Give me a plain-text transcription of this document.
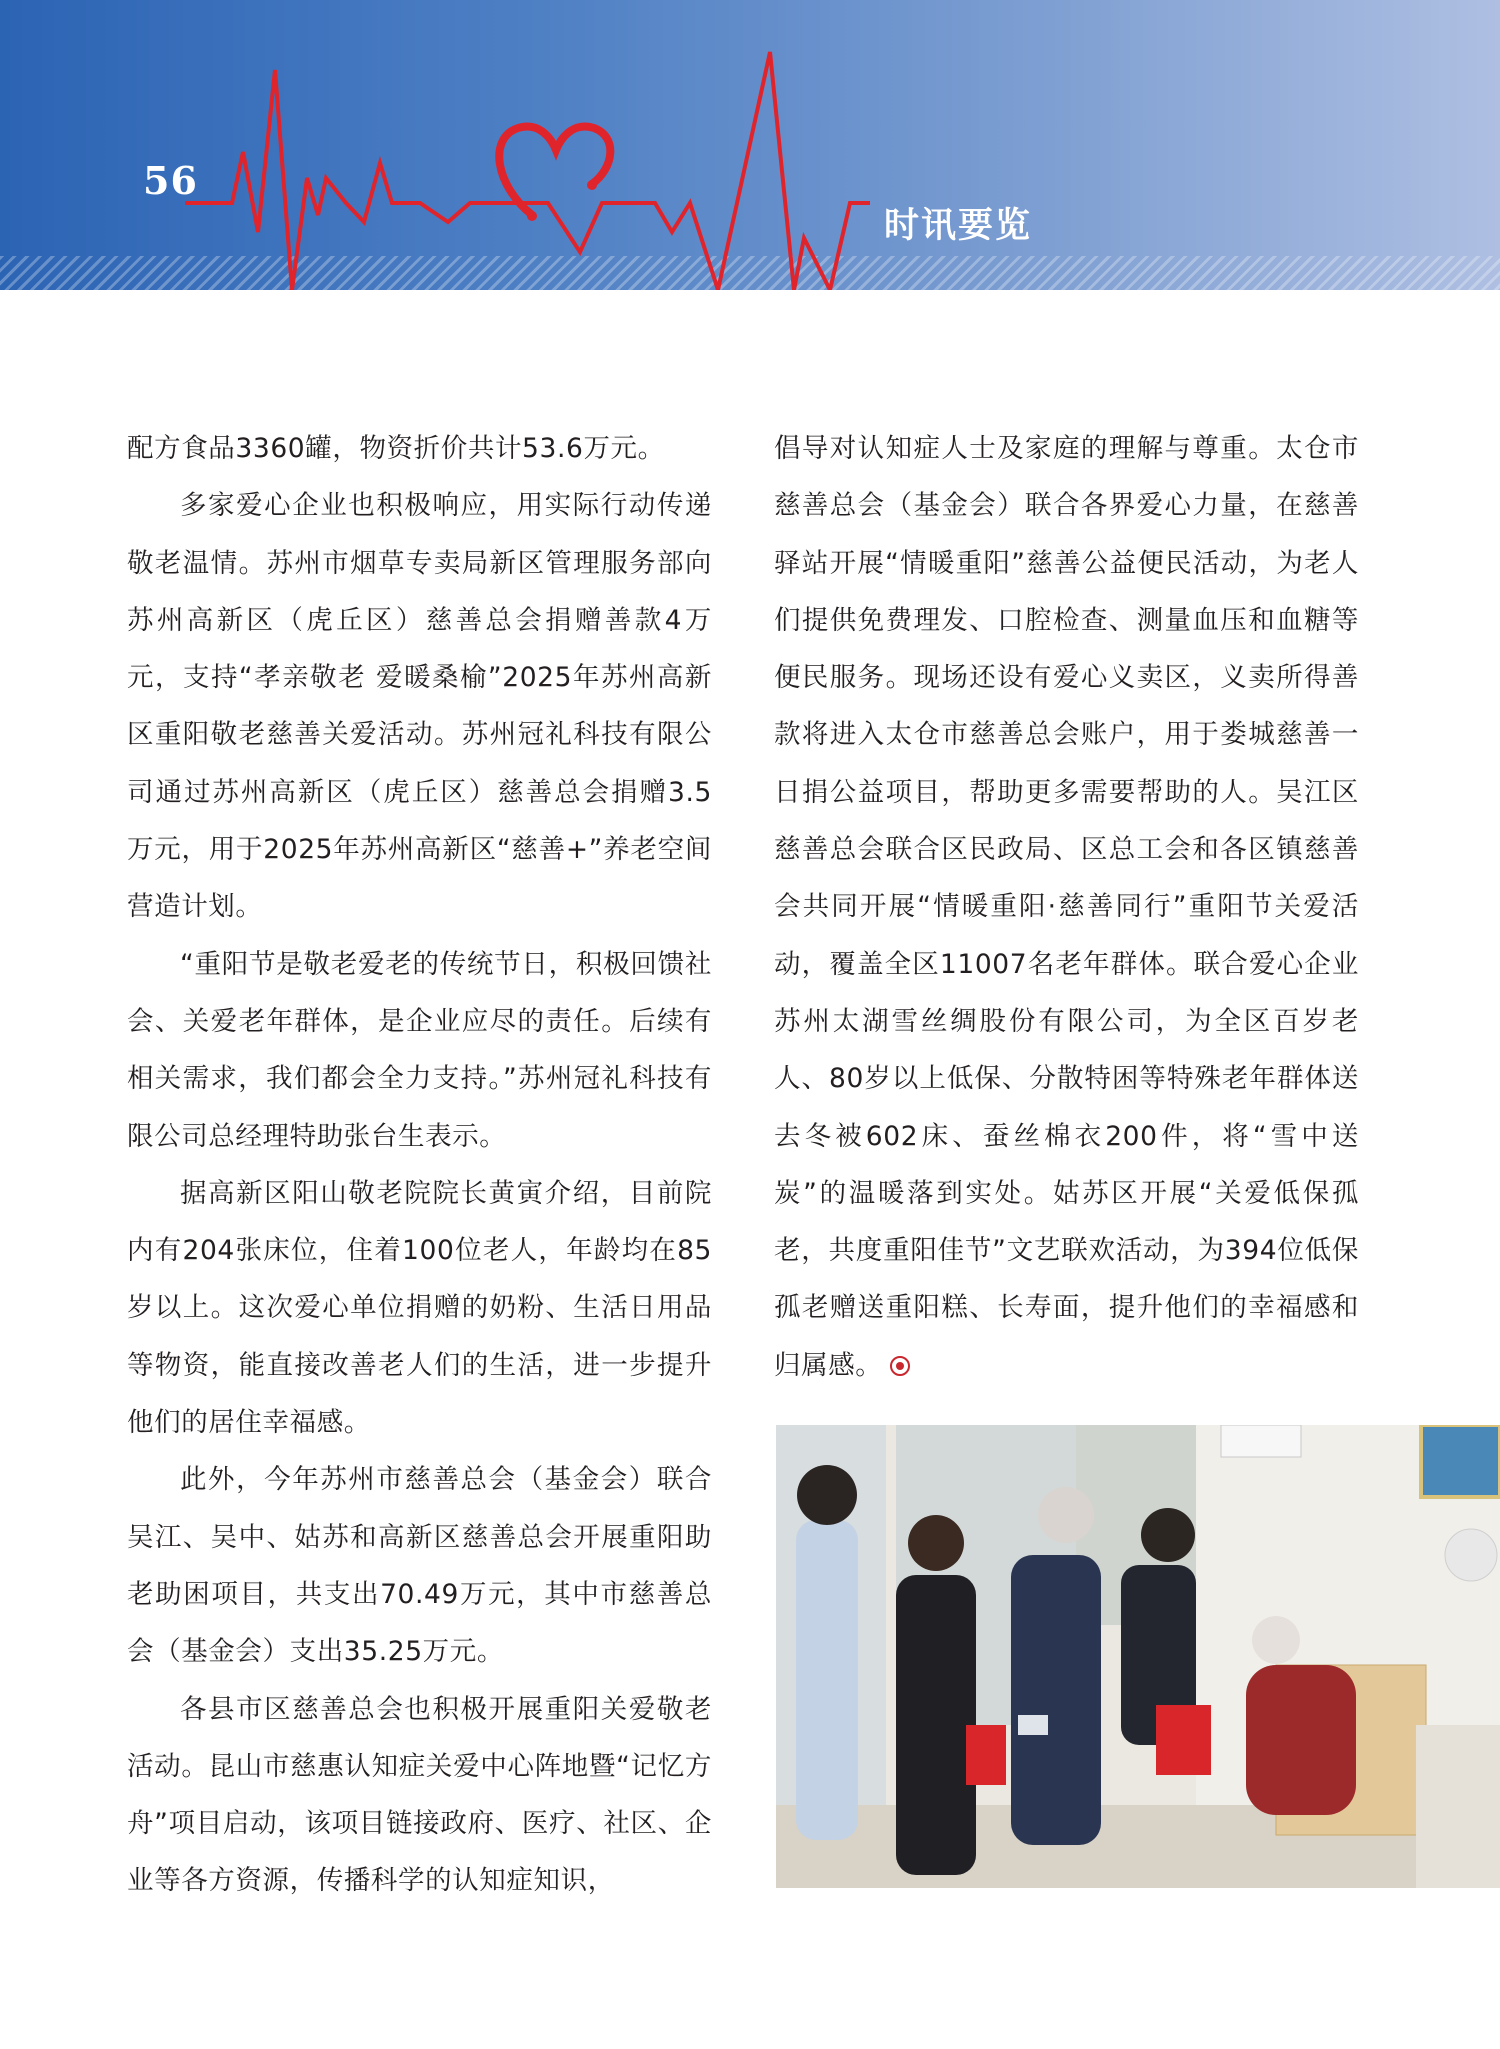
56
时讯要览

配方食品3360罐，物资折价共计53.6万元。

多家爱心企业也积极响应，用实际行动传递敬老温情。苏州市烟草专卖局新区管理服务部向苏州高新区（虎丘区）慈善总会捐赠善款4万元，支持“孝亲敬老 爱暖桑榆”2025年苏州高新区重阳敬老慈善关爱活动。苏州冠礼科技有限公司通过苏州高新区（虎丘区）慈善总会捐赠3.5万元，用于2025年苏州高新区“慈善+”养老空间营造计划。

“重阳节是敬老爱老的传统节日，积极回馈社会、关爱老年群体，是企业应尽的责任。后续有相关需求，我们都会全力支持。”苏州冠礼科技有限公司总经理特助张台生表示。

据高新区阳山敬老院院长黄寅介绍，目前院内有204张床位，住着100位老人，年龄均在85岁以上。这次爱心单位捐赠的奶粉、生活日用品等物资，能直接改善老人们的生活，进一步提升他们的居住幸福感。

此外，今年苏州市慈善总会（基金会）联合吴江、吴中、姑苏和高新区慈善总会开展重阳助老助困项目，共支出70.49万元，其中市慈善总会（基金会）支出35.25万元。

各县市区慈善总会也积极开展重阳关爱敬老活动。昆山市慈惠认知症关爱中心阵地暨“记忆方舟”项目启动，该项目链接政府、医疗、社区、企业等各方资源，传播科学的认知症知识，

倡导对认知症人士及家庭的理解与尊重。太仓市慈善总会（基金会）联合各界爱心力量，在慈善驿站开展“情暖重阳”慈善公益便民活动，为老人们提供免费理发、口腔检查、测量血压和血糖等便民服务。现场还设有爱心义卖区，义卖所得善款将进入太仓市慈善总会账户，用于娄城慈善一日捐公益项目，帮助更多需要帮助的人。吴江区慈善总会联合区民政局、区总工会和各区镇慈善会共同开展“情暖重阳·慈善同行”重阳节关爱活动，覆盖全区11007名老年群体。联合爱心企业苏州太湖雪丝绸股份有限公司，为全区百岁老人、80岁以上低保、分散特困等特殊老年群体送去冬被602床、蚕丝棉衣200件，将“雪中送炭”的温暖落到实处。姑苏区开展“关爱低保孤老，共度重阳佳节”文艺联欢活动，为394位低保孤老赠送重阳糕、长寿面，提升他们的幸福感和归属感。
